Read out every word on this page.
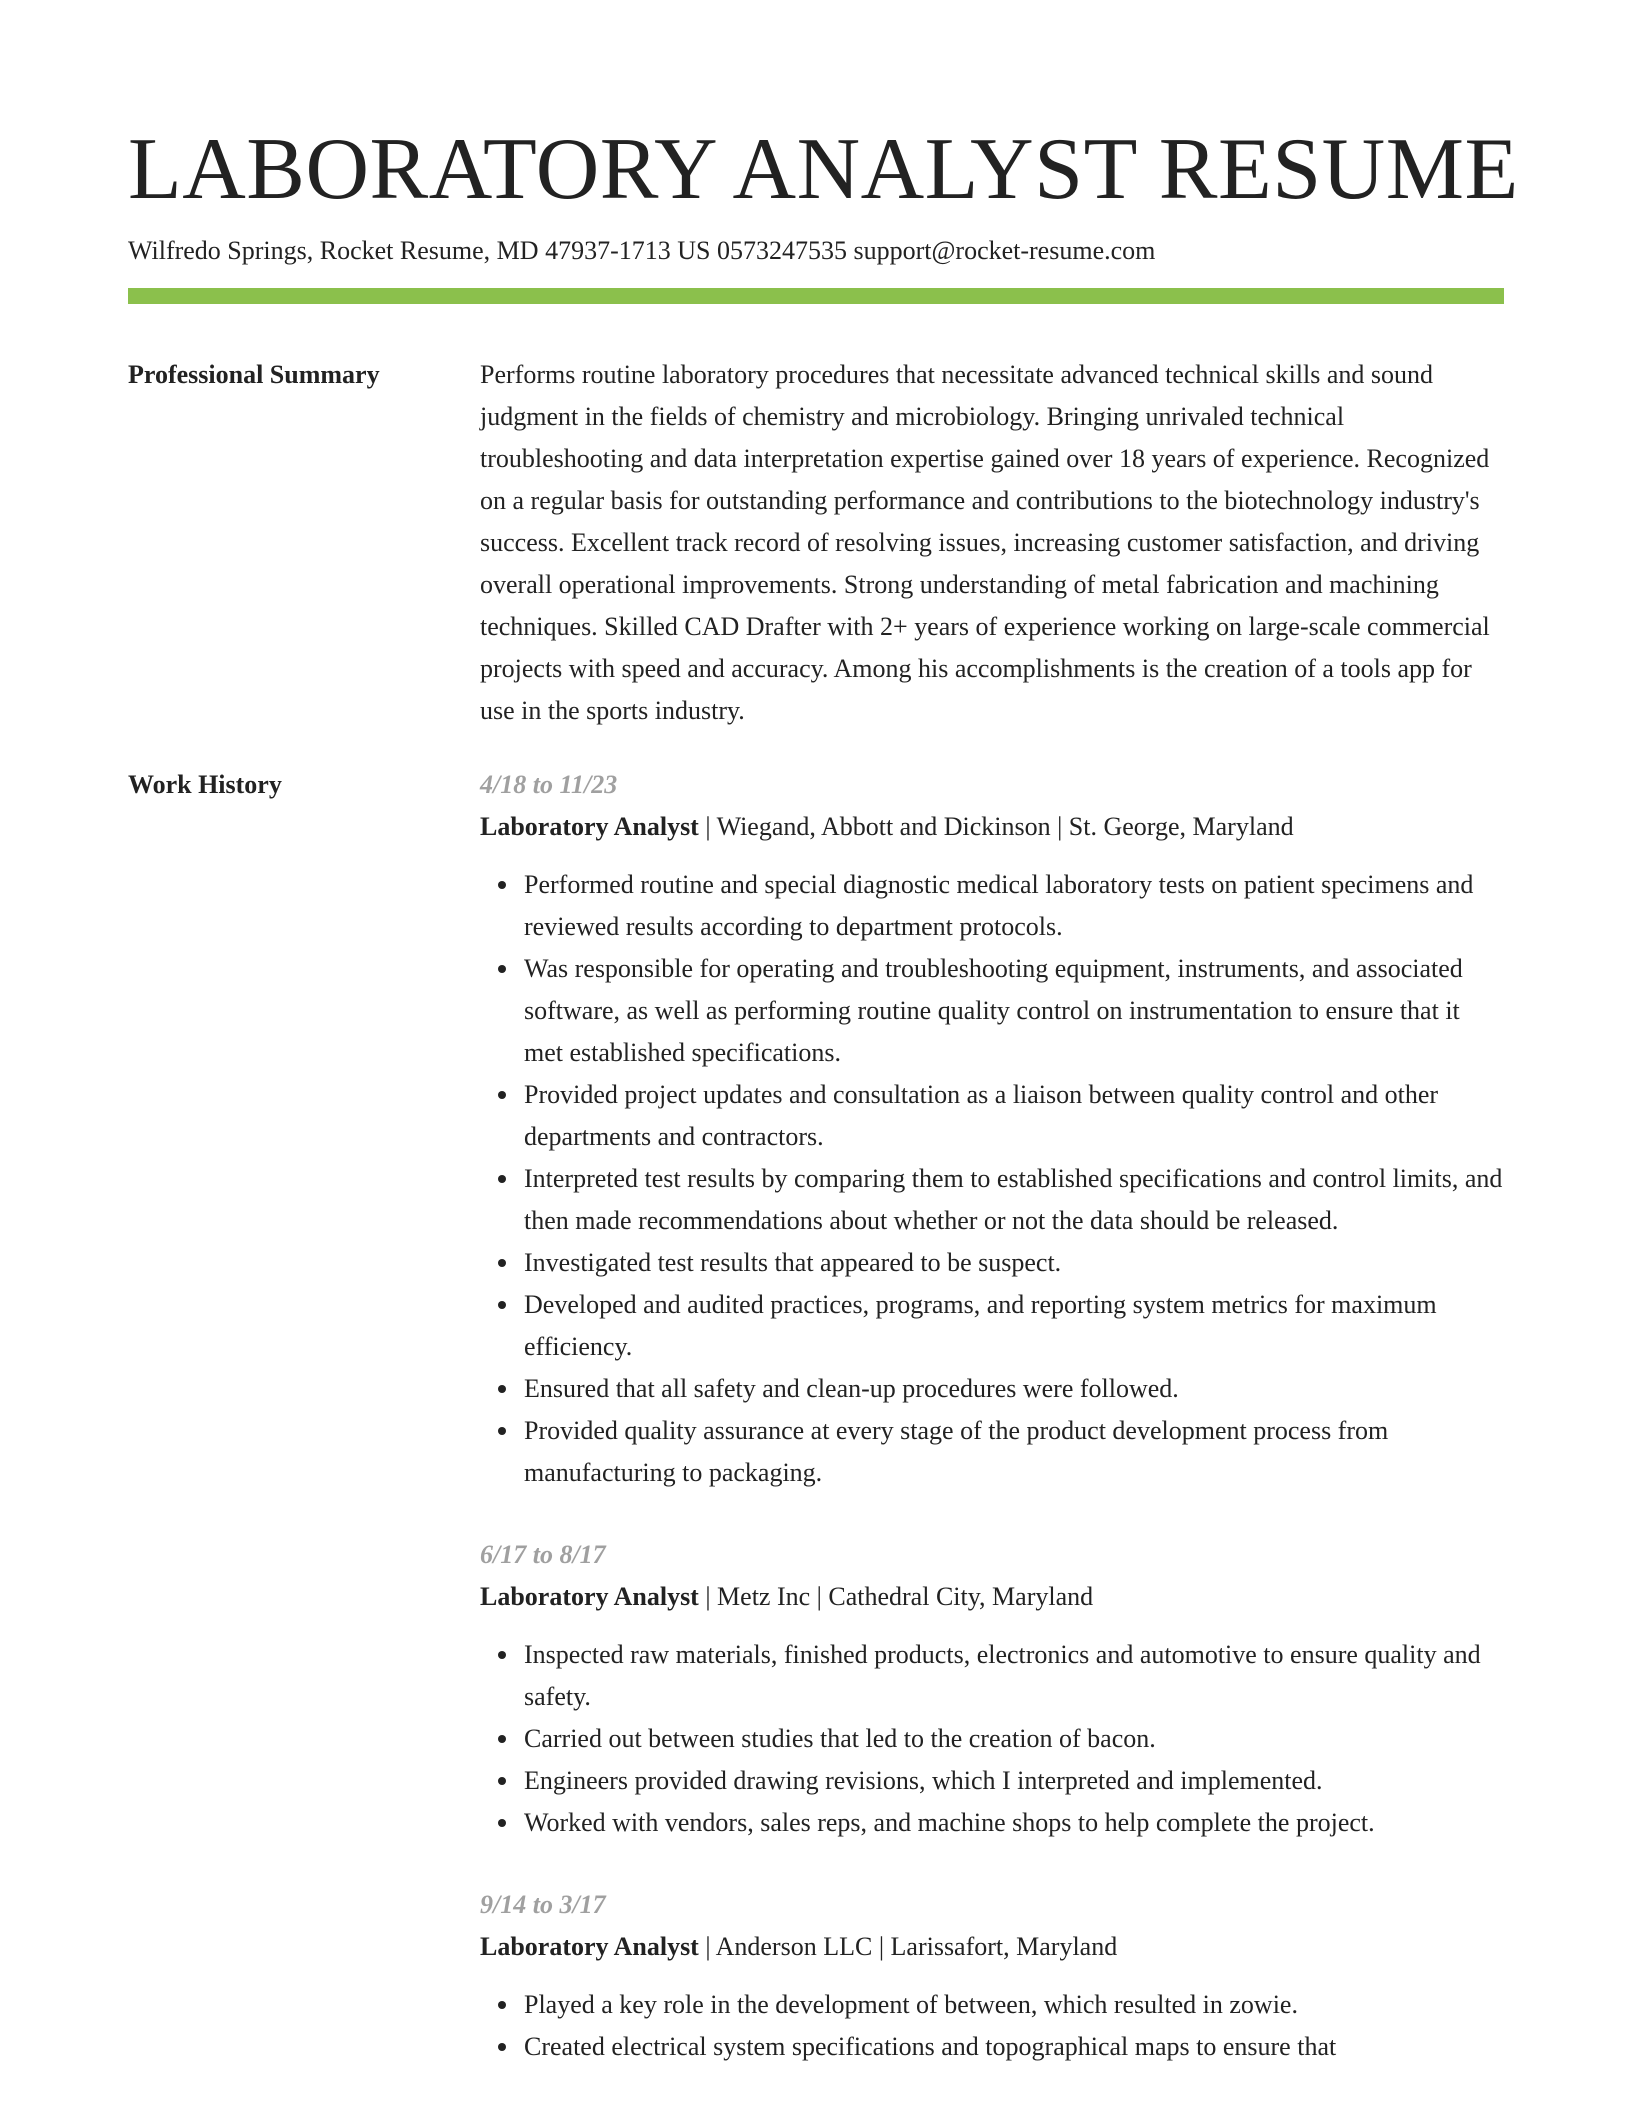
LABORATORY ANALYST RESUME
Wilfredo Springs, Rocket Resume, MD 47937-1713 US 0573247535 support@rocket-resume.com
Professional Summary	Performs routine laboratory procedures that necessitate advanced technical skills and sound judgment in the fields of chemistry and microbiology. Bringing unrivaled technical troubleshooting and data interpretation expertise gained over 18 years of experience. Recognized on a regular basis for outstanding performance and contributions to the biotechnology industry's success. Excellent track record of resolving issues, increasing customer satisfaction, and driving overall operational improvements. Strong understanding of metal fabrication and machining techniques. Skilled CAD Drafter with 2+ years of experience working on large-scale commercial projects with speed and accuracy. Among his accomplishments is the creation of a tools app for use in the sports industry.
Work History	4/18 to 11/23
Laboratory Analyst | Wiegand, Abbott and Dickinson | St. George, Maryland
Performed routine and special diagnostic medical laboratory tests on patient specimens and reviewed results according to department protocols.
Was responsible for operating and troubleshooting equipment, instruments, and associated software, as well as performing routine quality control on instrumentation to ensure that it met established specifications.
Provided project updates and consultation as a liaison between quality control and other departments and contractors.
Interpreted test results by comparing them to established specifications and control limits, and then made recommendations about whether or not the data should be released.
Investigated test results that appeared to be suspect.
Developed and audited practices, programs, and reporting system metrics for maximum efficiency.
Ensured that all safety and clean-up procedures were followed.
Provided quality assurance at every stage of the product development process from manufacturing to packaging.
6/17 to 8/17
Laboratory Analyst | Metz Inc | Cathedral City, Maryland
Inspected raw materials, finished products, electronics and automotive to ensure quality and safety.
Carried out between studies that led to the creation of bacon.
Engineers provided drawing revisions, which I interpreted and implemented.
Worked with vendors, sales reps, and machine shops to help complete the project.
9/14 to 3/17
Laboratory Analyst | Anderson LLC | Larissafort, Maryland
Played a key role in the development of between, which resulted in zowie.
Created electrical system specifications and topographical maps to ensure that
